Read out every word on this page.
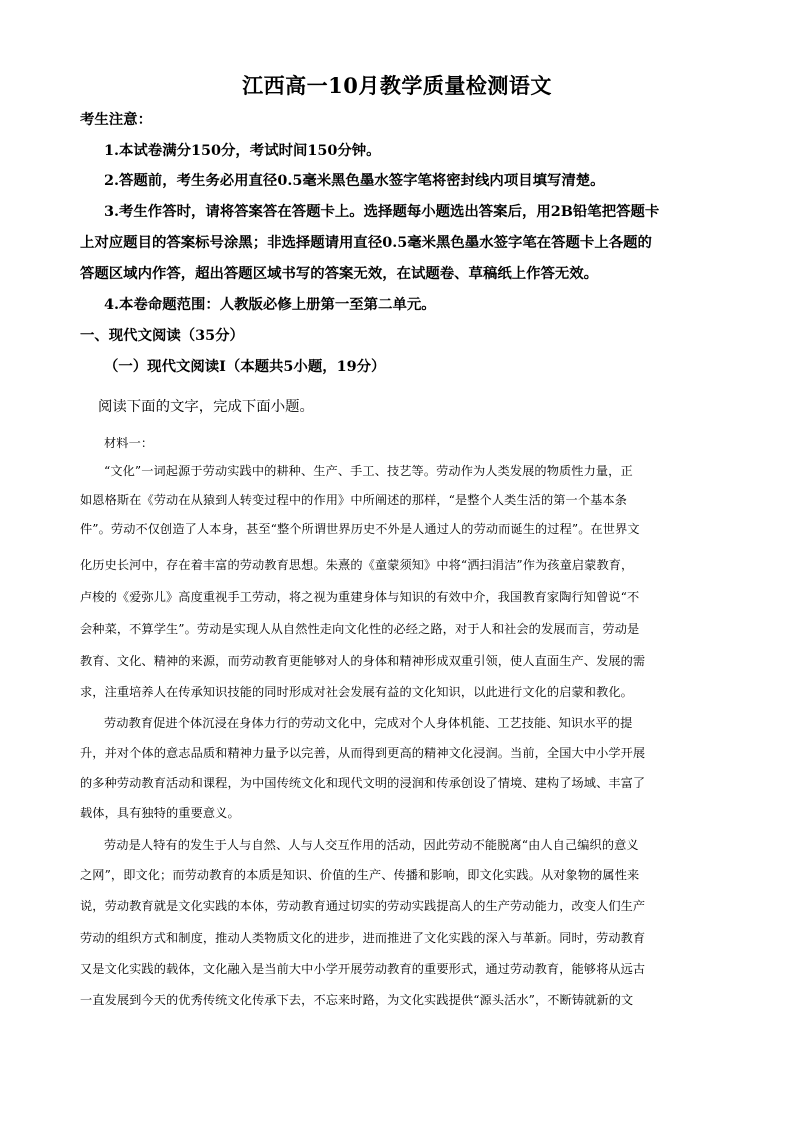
江西高一10月教学质量检测语文
考生注意：
1.本试卷满分150分，考试时间150分钟。
2.答题前，考生务必用直径0.5毫米黑色墨水签字笔将密封线内项目填写清楚。
3.考生作答时，请将答案答在答题卡上。选择题每小题选出答案后，用2B铅笔把答题卡
上对应题目的答案标号涂黑；非选择题请用直径0.5毫米黑色墨水签字笔在答题卡上各题的
答题区域内作答，超出答题区域书写的答案无效，在试题卷、草稿纸上作答无效。
4.本卷命题范围：人教版必修上册第一至第二单元。
一、现代文阅读（35分）
（一）现代文阅读Ⅰ（本题共5小题，19分）
阅读下面的文字，完成下面小题。
材料一：
“文化”一词起源于劳动实践中的耕种、生产、手工、技艺等。劳动作为人类发展的物质性力量，正
如恩格斯在《劳动在从猿到人转变过程中的作用》中所阐述的那样，“是整个人类生活的第一个基本条
件”。劳动不仅创造了人本身，甚至“整个所谓世界历史不外是人通过人的劳动而诞生的过程”。在世界文
化历史长河中，存在着丰富的劳动教育思想。朱熹的《童蒙须知》中将“洒扫涓洁”作为孩童启蒙教育，
卢梭的《爱弥儿》高度重视手工劳动，将之视为重建身体与知识的有效中介，我国教育家陶行知曾说“不
会种菜，不算学生”。劳动是实现人从自然性走向文化性的必经之路，对于人和社会的发展而言，劳动是
教育、文化、精神的来源，而劳动教育更能够对人的身体和精神形成双重引领，使人直面生产、发展的需
求，注重培养人在传承知识技能的同时形成对社会发展有益的文化知识，以此进行文化的启蒙和教化。
劳动教育促进个体沉浸在身体力行的劳动文化中，完成对个人身体机能、工艺技能、知识水平的提
升，并对个体的意志品质和精神力量予以完善，从而得到更高的精神文化浸润。当前，全国大中小学开展
的多种劳动教育活动和课程，为中国传统文化和现代文明的浸润和传承创设了情境、建构了场域、丰富了
载体，具有独特的重要意义。
劳动是人特有的发生于人与自然、人与人交互作用的活动，因此劳动不能脱离“由人自己编织的意义
之网”，即文化；而劳动教育的本质是知识、价值的生产、传播和影响，即文化实践。从对象物的属性来
说，劳动教育就是文化实践的本体，劳动教育通过切实的劳动实践提高人的生产劳动能力，改变人们生产
劳动的组织方式和制度，推动人类物质文化的进步，进而推进了文化实践的深入与革新。同时，劳动教育
又是文化实践的载体，文化融入是当前大中小学开展劳动教育的重要形式，通过劳动教育，能够将从远古
一直发展到今天的优秀传统文化传承下去，不忘来时路，为文化实践提供“源头活水”，不断铸就新的文
